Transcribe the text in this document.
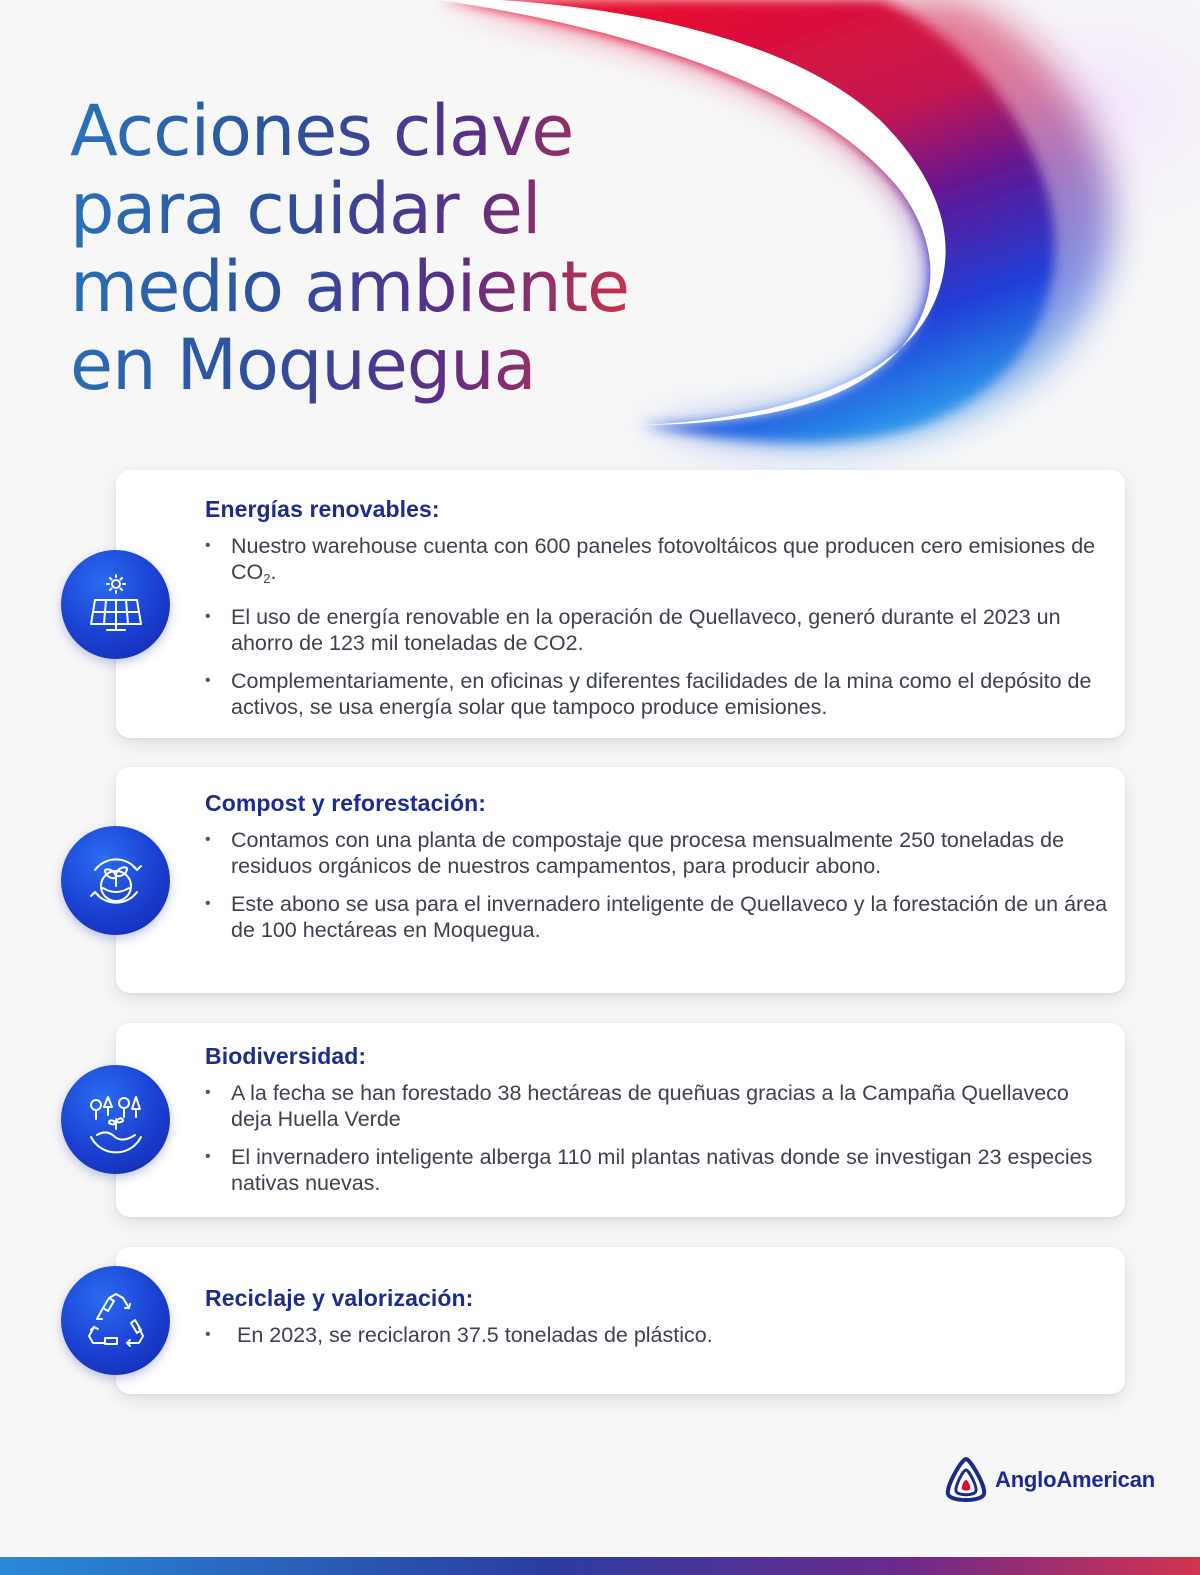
Acciones clave
para cuidar el
medio ambiente
en Moquegua
Energías renovables:
• Nuestro warehouse cuenta con 600 paneles fotovoltáicos que producen cero emisiones de $CO_2$.
• El uso de energía renovable en la operación de Quellaveco, generó durante el 2023 un ahorro de 123 mil toneladas de CO2.
• Complementariamente, en oficinas y diferentes facilidades de la mina como el depósito de activos, se usa energía solar que tampoco produce emisiones.
Compost y reforestación:
• Contamos con una planta de compostaje que procesa mensualmente 250 toneladas de residuos orgánicos de nuestros campamentos, para producir abono.
• Este abono se usa para el invernadero inteligente de Quellaveco y la forestación de un área de 100 hectáreas en Moquegua.
Biodiversidad:
• A la fecha se han forestado 38 hectáreas de queñuas gracias a la Campaña Quellaveco deja Huella Verde
• El invernadero inteligente alberga 110 mil plantas nativas donde se investigan 23 especies nativas nuevas.
Reciclaje y valorización:
• En 2023, se reciclaron 37.5 toneladas de plástico.
AngloAmerican
